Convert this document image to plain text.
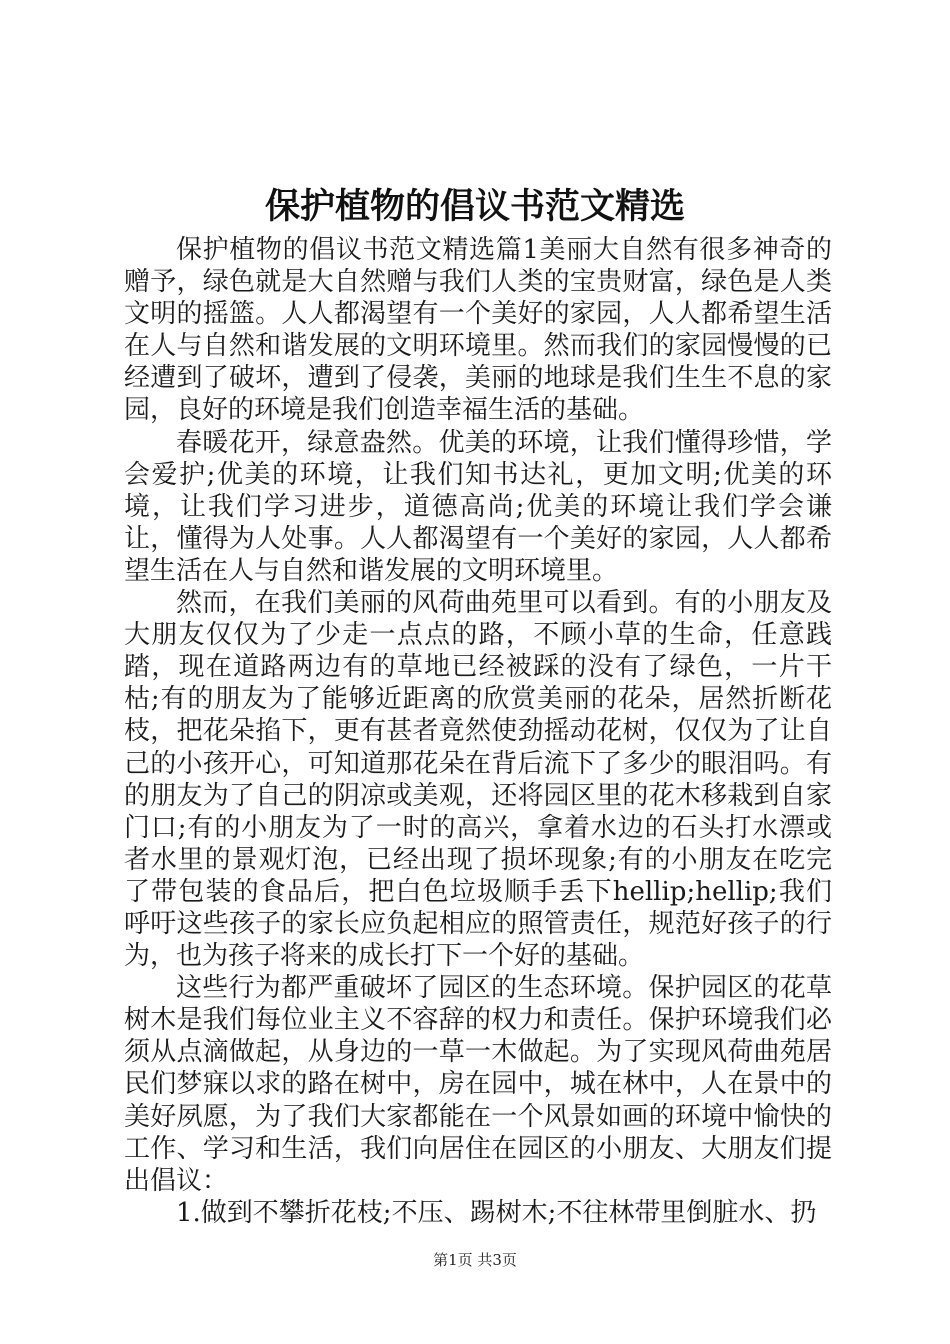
保护植物的倡议书范文精选

保护植物的倡议书范文精选篇1美丽大自然有很多神奇的赠予，绿色就是大自然赠与我们人类的宝贵财富，绿色是人类文明的摇篮。人人都渴望有一个美好的家园，人人都希望生活在人与自然和谐发展的文明环境里。然而我们的家园慢慢的已经遭到了破坏，遭到了侵袭，美丽的地球是我们生生不息的家园，良好的环境是我们创造幸福生活的基础。

春暖花开，绿意盎然。优美的环境，让我们懂得珍惜，学会爱护;优美的环境，让我们知书达礼，更加文明;优美的环境，让我们学习进步，道德高尚;优美的环境让我们学会谦让，懂得为人处事。人人都渴望有一个美好的家园，人人都希望生活在人与自然和谐发展的文明环境里。

然而，在我们美丽的风荷曲苑里可以看到。有的小朋友及大朋友仅仅为了少走一点点的路，不顾小草的生命，任意践踏，现在道路两边有的草地已经被踩的没有了绿色，一片干枯;有的朋友为了能够近距离的欣赏美丽的花朵，居然折断花枝，把花朵掐下，更有甚者竟然使劲摇动花树，仅仅为了让自己的小孩开心，可知道那花朵在背后流下了多少的眼泪吗。有的朋友为了自己的阴凉或美观，还将园区里的花木移栽到自家门口;有的小朋友为了一时的高兴，拿着水边的石头打水漂或者水里的景观灯泡，已经出现了损坏现象;有的小朋友在吃完了带包装的食品后，把白色垃圾顺手丢下hellip;hellip;我们呼吁这些孩子的家长应负起相应的照管责任，规范好孩子的行为，也为孩子将来的成长打下一个好的基础。

这些行为都严重破坏了园区的生态环境。保护园区的花草树木是我们每位业主义不容辞的权力和责任。保护环境我们必须从点滴做起，从身边的一草一木做起。为了实现风荷曲苑居民们梦寐以求的路在树中，房在园中，城在林中，人在景中的美好夙愿，为了我们大家都能在一个风景如画的环境中愉快的工作、学习和生活，我们向居住在园区的小朋友、大朋友们提出倡议：

1.做到不攀折花枝;不压、踢树木;不往林带里倒脏水、扔

第1页 共3页
